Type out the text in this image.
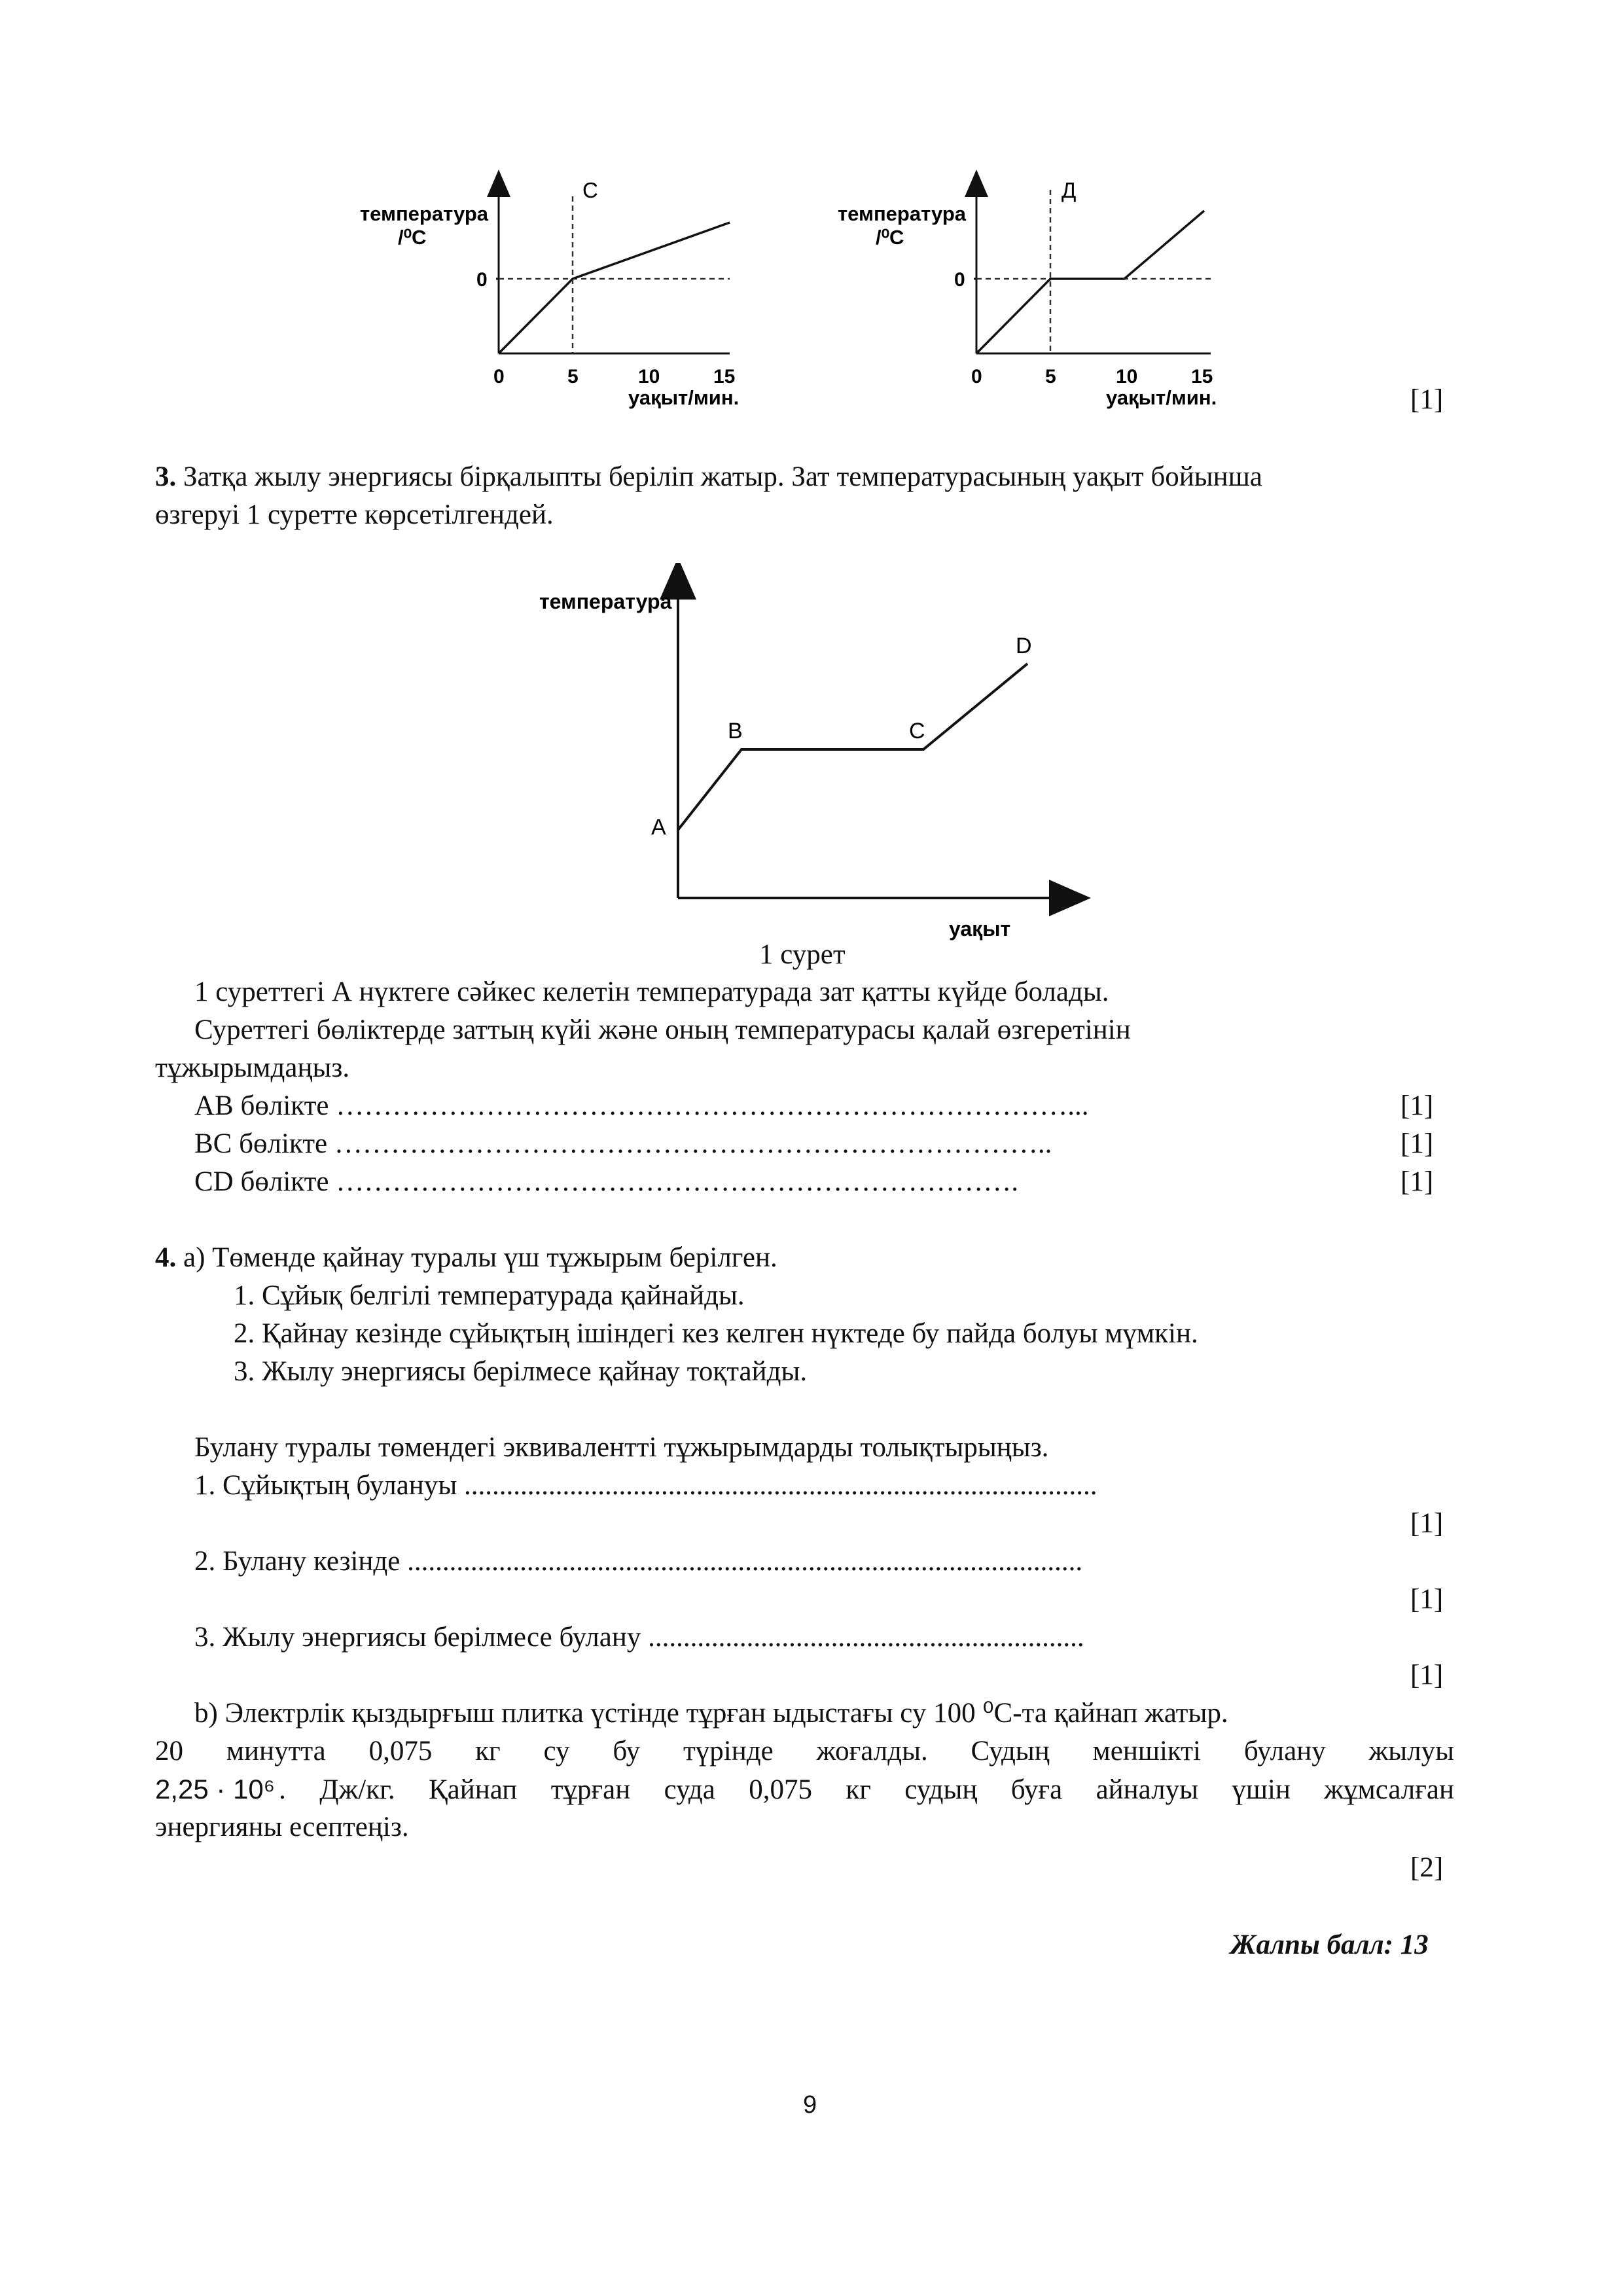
температура
/⁰C
0
C
0	5	10	15
уақыт/мин.
температура
/⁰C
0
Д
0	5	10	15
уақыт/мин.	[1]
3. Затқа жылу энергиясы бірқалыпты беріліп жатыр. Зат температурасының уақыт бойынша
өзгеруі 1 суретте көрсетілгендей.
температура
уақыт
A
B	C
D
1 сурет
1 суреттегі А нүктеге сәйкес келетін температурада зат қатты күйде болады.
Суреттегі бөліктерде заттың күйі және оның температурасы қалай өзгеретінін
тұжырымдаңыз.
AB бөлікте ……………………………………………………………………...	[1]
BC бөлікте …………………………………………………………………..	[1]
CD бөлікте ……………………………………………………………….	[1]
4. а) Төменде қайнау туралы үш тұжырым берілген.
1. Сұйық белгілі температурада қайнайды.
2. Қайнау кезінде сұйықтың ішіндегі кез келген нүктеде бу пайда болуы мүмкін.
3. Жылу энергиясы берілмесе қайнау тоқтайды.
Булану туралы төмендегі эквивалентті тұжырымдарды толықтырыңыз.
1. Сұйықтың булануы ..........................................................................................
[1]
2. Булану кезінде ................................................................................................
[1]
3. Жылу энергиясы берілмесе булану ..............................................................
[1]
b) Электрлік қыздырғыш плитка үстінде тұрған ыдыстағы су 100 ⁰С-та қайнап жатыр.
20 минутта 0,075 кг су бу түрінде жоғалды. Судың меншікті булану жылуы
2,25 · 10⁶ . Дж/кг. Қайнап тұрған суда 0,075 кг судың буға айналуы үшін жұмсалған
энергияны есептеңіз.
[2]
Жалпы балл: 13
9
